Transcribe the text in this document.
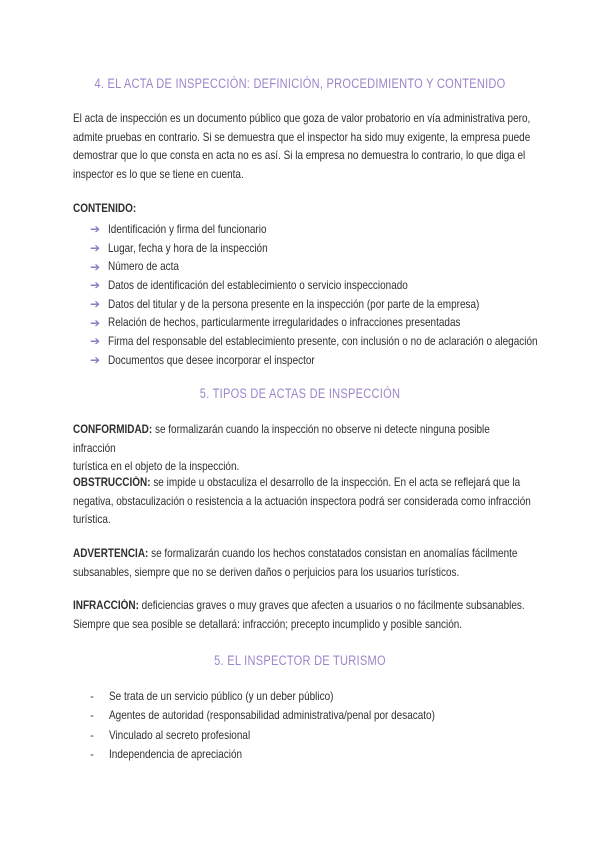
4. EL ACTA DE INSPECCIÓN: DEFINICIÓN, PROCEDIMIENTO Y CONTENIDO
El acta de inspección es un documento público que goza de valor probatorio en vía administrativa pero,
admite pruebas en contrario. Si se demuestra que el inspector ha sido muy exigente, la empresa puede
demostrar que lo que consta en acta no es así. Si la empresa no demuestra lo contrario, lo que diga el
inspector es lo que se tiene en cuenta.
CONTENIDO:
➔ Identificación y firma del funcionario
➔ Lugar, fecha y hora de la inspección
➔ Número de acta
➔ Datos de identificación del establecimiento o servicio inspeccionado
➔ Datos del titular y de la persona presente en la inspección (por parte de la empresa)
➔ Relación de hechos, particularmente irregularidades o infracciones presentadas
➔ Firma del responsable del establecimiento presente, con inclusión o no de aclaración o alegación
➔ Documentos que desee incorporar el inspector
5. TIPOS DE ACTAS DE INSPECCIÓN
CONFORMIDAD: se formalizarán cuando la inspección no observe ni detecte ninguna posible infracción
turística en el objeto de la inspección.
OBSTRUCCIÓN: se impide u obstaculiza el desarrollo de la inspección. En el acta se reflejará que la
negativa, obstaculización o resistencia a la actuación inspectora podrá ser considerada como infracción
turística.
ADVERTENCIA: se formalizarán cuando los hechos constatados consistan en anomalías fácilmente
subsanables, siempre que no se deriven daños o perjuicios para los usuarios turísticos.
INFRACCIÓN: deficiencias graves o muy graves que afecten a usuarios o no fácilmente subsanables.
Siempre que sea posible se detallará: infracción; precepto incumplido y posible sanción.
5. EL INSPECTOR DE TURISMO
-	Se trata de un servicio público (y un deber público)
-	Agentes de autoridad (responsabilidad administrativa/penal por desacato)
-	Vinculado al secreto profesional
-	Independencia de apreciación
